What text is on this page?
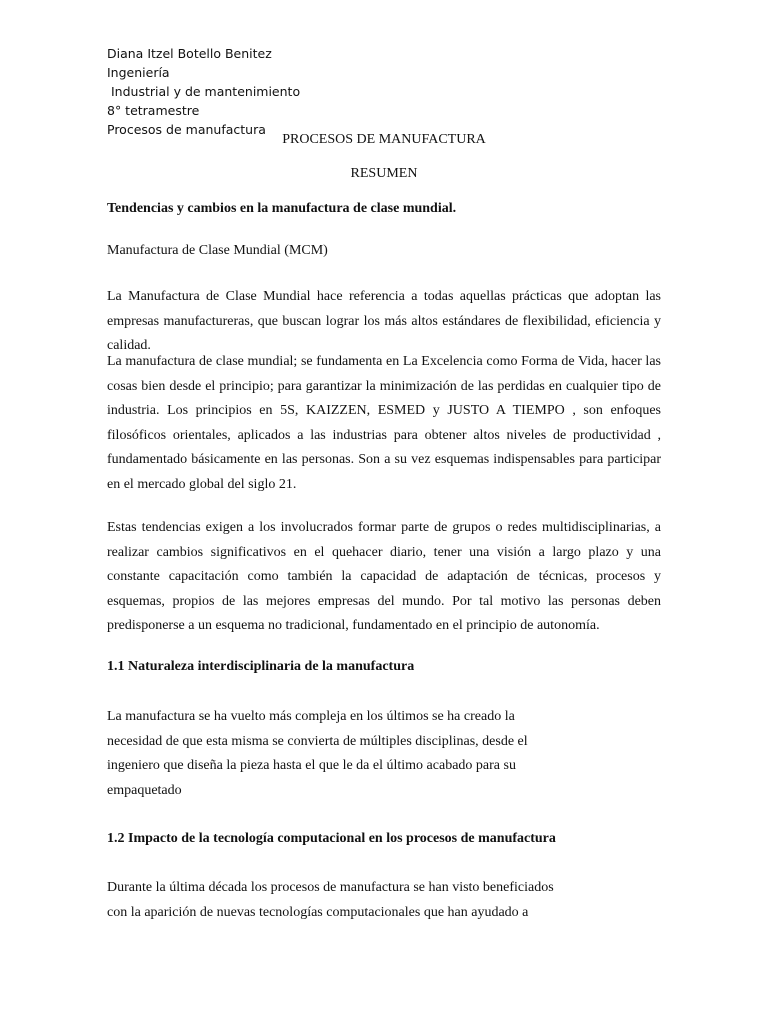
Diana Itzel Botello Benitez
Ingeniería
Industrial y de mantenimiento
8° tetramestre
Procesos de manufactura
PROCESOS DE MANUFACTURA
RESUMEN
Tendencias y cambios en la manufactura de clase mundial.
Manufactura de Clase Mundial (MCM)
La Manufactura de Clase Mundial hace referencia a todas aquellas prácticas que adoptan las empresas manufactureras, que buscan lograr los más altos estándares de flexibilidad, eficiencia y calidad.
La manufactura de clase mundial; se fundamenta en La Excelencia como Forma de Vida, hacer las cosas bien desde el principio; para garantizar la minimización de las perdidas en cualquier tipo de industria. Los principios en 5S, KAIZZEN, ESMED y JUSTO A TIEMPO , son enfoques filosóficos orientales, aplicados a las industrias para obtener altos niveles de productividad , fundamentado básicamente en las personas. Son a su vez esquemas indispensables para participar en el mercado global del siglo 21.
Estas tendencias exigen a los involucrados formar parte de grupos o redes multidisciplinarias, a realizar cambios significativos en el quehacer diario, tener una visión a largo plazo y una constante capacitación como también la capacidad de adaptación de técnicas, procesos y esquemas, propios de las mejores empresas del mundo. Por tal motivo las personas deben predisponerse a un esquema no tradicional, fundamentado en el principio de autonomía.
1.1 Naturaleza interdisciplinaria de la manufactura
La manufactura se ha vuelto más compleja en los últimos se ha creado la
necesidad de que esta misma se convierta de múltiples disciplinas, desde el
ingeniero que diseña la pieza hasta el que le da el último acabado para su
empaquetado
1.2 Impacto de la tecnología computacional en los procesos de manufactura
Durante la última década los procesos de manufactura se han visto beneficiados
con la aparición de nuevas tecnologías computacionales que han ayudado a
